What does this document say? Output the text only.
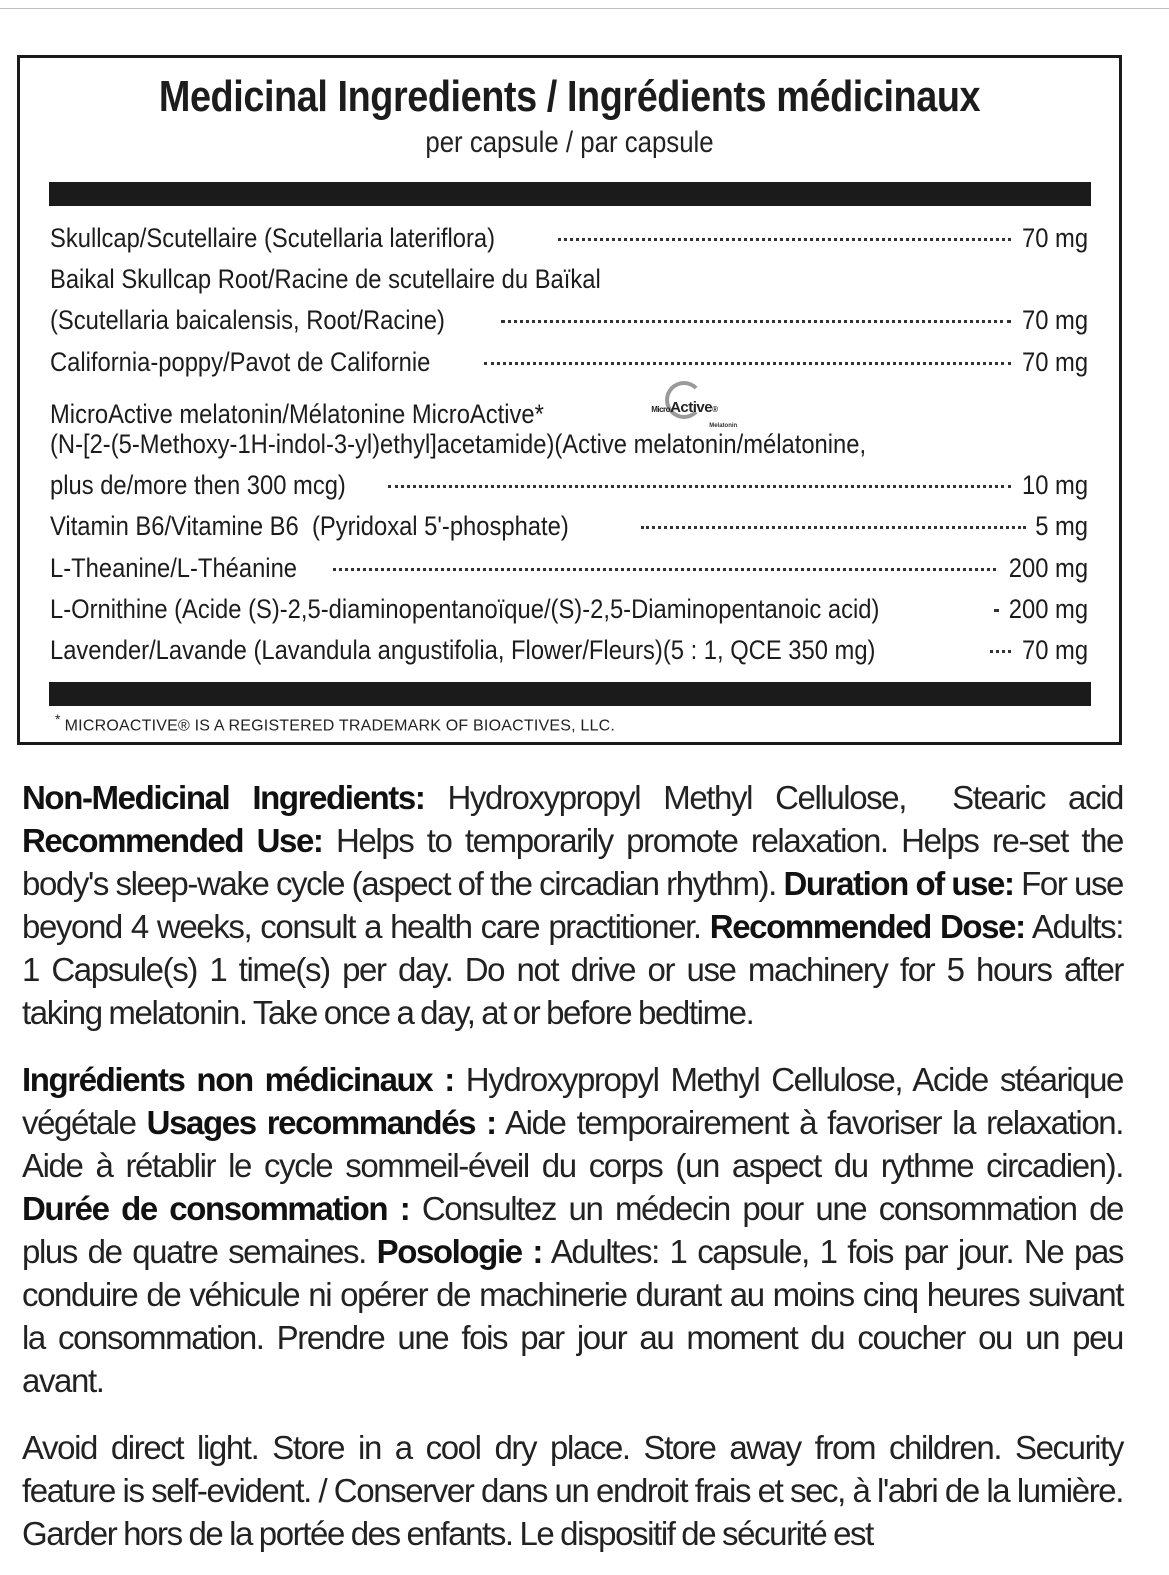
Medicinal Ingredients / Ingrédients médicinaux
per capsule / par capsule
Skullcap/Scutellaire (Scutellaria lateriflora)	70 mg
Baikal Skullcap Root/Racine de scutellaire du Baïkal
(Scutellaria baicalensis, Root/Racine)	70 mg
California-poppy/Pavot de Californie	70 mg
MicroActive melatonin/Mélatonine MicroActive*	MicroActive®
Melatonin
(N-[2-(5-Methoxy-1H-indol-3-yl)ethyl]acetamide)(Active melatonin/mélatonine,
plus de/more then 300 mcg)	10 mg
Vitamin B6/Vitamine B6  (Pyridoxal 5'-phosphate)	5 mg
L-Theanine/L-Théanine	200 mg
L-Ornithine (Acide (S)-2,5-diaminopentanoïque/(S)-2,5-Diaminopentanoic acid)	200 mg
Lavender/Lavande (Lavandula angustifolia, Flower/Fleurs)(5 : 1, QCE 350 mg)	70 mg
* MICROACTIVE® IS A REGISTERED TRADEMARK OF BIOACTIVES, LLC.
Non-Medicinal Ingredients: Hydroxypropyl Methyl Cellulose,  Stearic acid Recommended Use: Helps to temporarily promote relaxation. Helps re-set the body's sleep-wake cycle (aspect of the circadian rhythm). Duration of use: For use beyond 4 weeks, consult a health care practitioner. Recommended Dose: Adults: 1 Capsule(s) 1 time(s) per day. Do not drive or use machinery for 5 hours after taking melatonin. Take once a day, at or before bedtime.
Ingrédients non médicinaux : Hydroxypropyl Methyl Cellulose, Acide stéarique végétale Usages recommandés : Aide temporairement à favoriser la relaxation. Aide à rétablir le cycle sommeil-éveil du corps (un aspect du rythme circadien). Durée de consommation : Consultez un médecin pour une consommation de plus de quatre semaines. Posologie : Adultes: 1 capsule, 1 fois par jour. Ne pas conduire de véhicule ni opérer de machinerie durant au moins cinq heures suivant la consommation. Prendre une fois par jour au moment du coucher ou un peu avant.
Avoid direct light. Store in a cool dry place. Store away from children. Security feature is self-evident. / Conserver dans un endroit frais et sec, à l'abri de la lumière. Garder hors de la portée des enfants. Le dispositif de sécurité est
